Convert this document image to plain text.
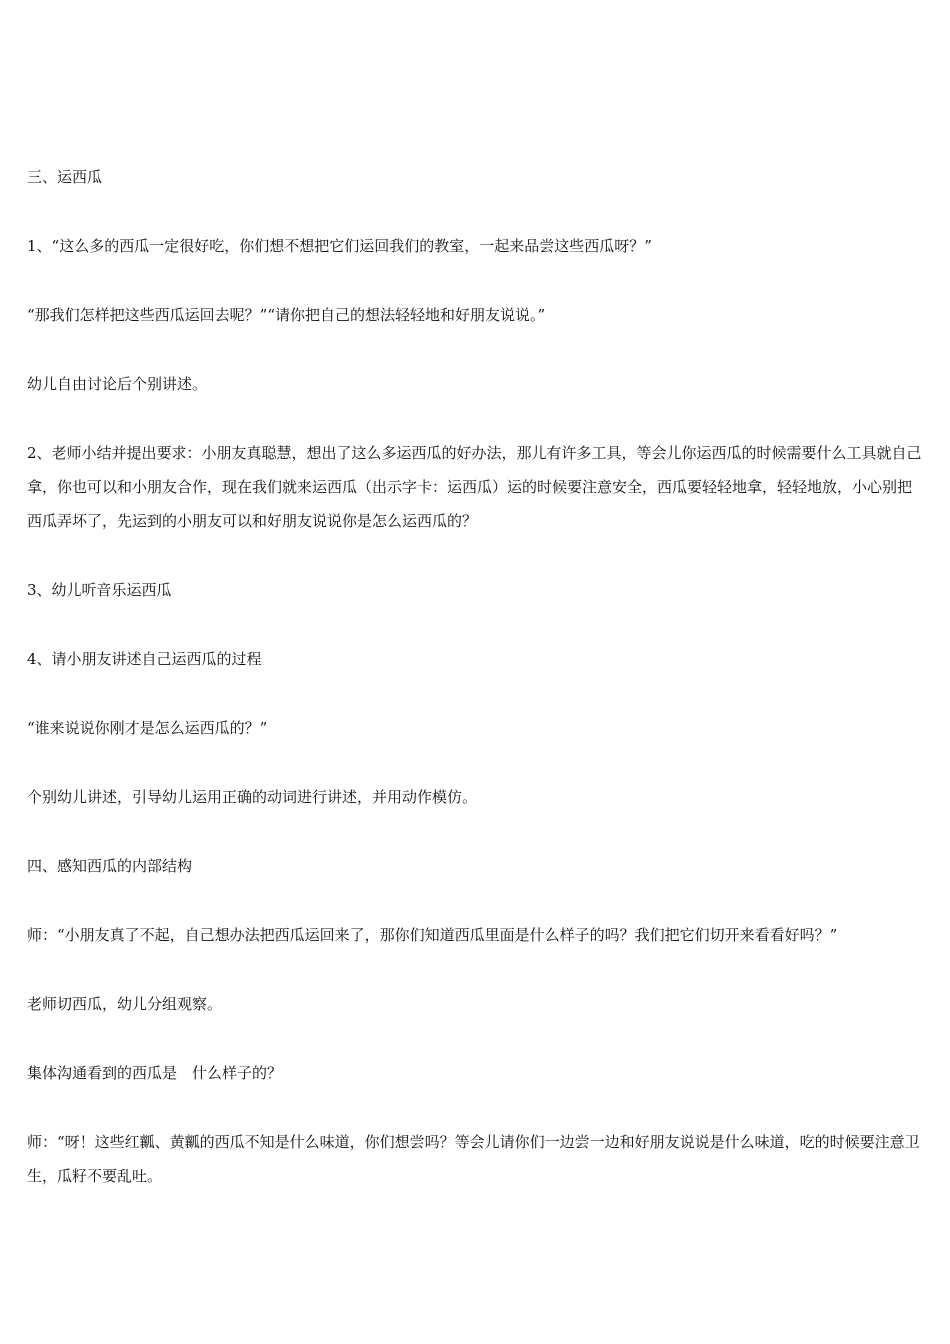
三、运西瓜

1、“这么多的西瓜一定很好吃，你们想不想把它们运回我们的教室，一起来品尝这些西瓜呀？”

“那我们怎样把这些西瓜运回去呢？”“请你把自己的想法轻轻地和好朋友说说。”

幼儿自由讨论后个别讲述。

2、老师小结并提出要求：小朋友真聪慧，想出了这么多运西瓜的好办法，那儿有许多工具，等会儿你运西瓜的时候需要什么工具就自己拿，你也可以和小朋友合作，现在我们就来运西瓜（出示字卡：运西瓜）运的时候要注意安全，西瓜要轻轻地拿，轻轻地放，小心别把西瓜弄坏了，先运到的小朋友可以和好朋友说说你是怎么运西瓜的？

3、幼儿听音乐运西瓜

4、请小朋友讲述自己运西瓜的过程

“谁来说说你刚才是怎么运西瓜的？”

个别幼儿讲述，引导幼儿运用正确的动词进行讲述，并用动作模仿。

四、感知西瓜的内部结构

师：“小朋友真了不起，自己想办法把西瓜运回来了，那你们知道西瓜里面是什么样子的吗？我们把它们切开来看看好吗？”

老师切西瓜，幼儿分组观察。

集体沟通看到的西瓜是　什么样子的？

师：“呀！这些红瓤、黄瓤的西瓜不知是什么味道，你们想尝吗？等会儿请你们一边尝一边和好朋友说说是什么味道，吃的时候要注意卫生，瓜籽不要乱吐。
